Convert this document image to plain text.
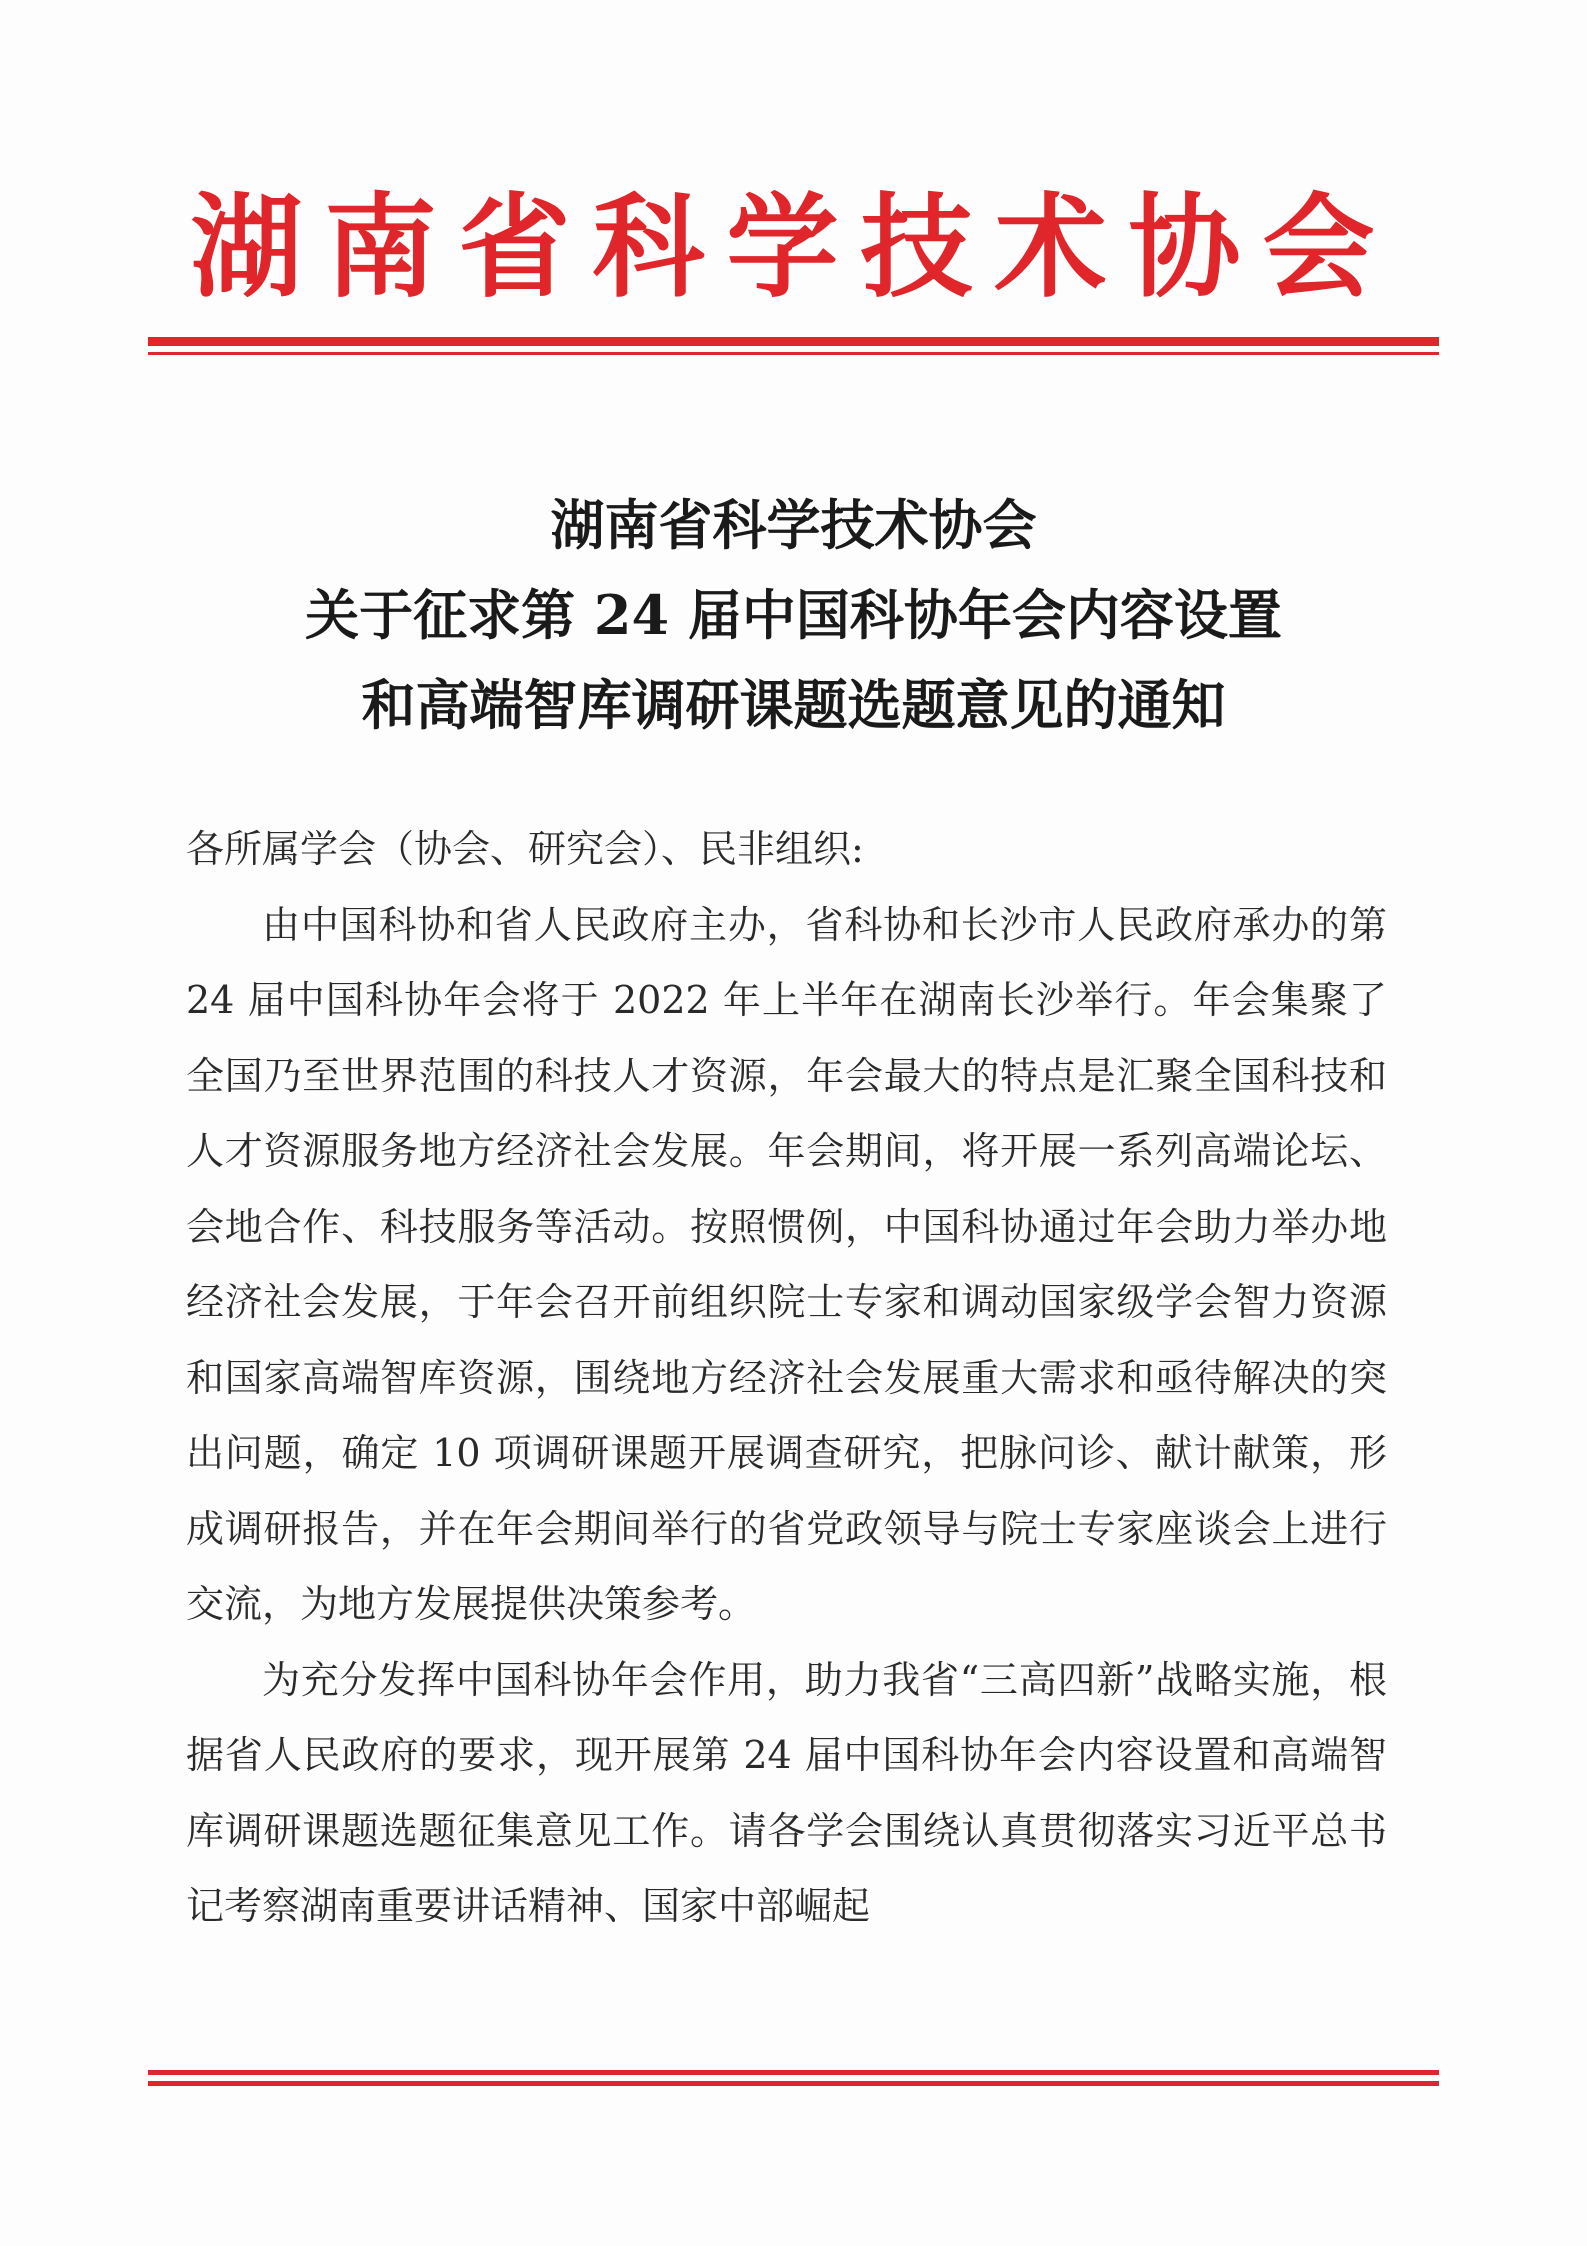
湖南省科学技术协会
湖南省科学技术协会
关于征求第 24 届中国科协年会内容设置
和高端智库调研课题选题意见的通知

各所属学会（协会、研究会）、民非组织:

由中国科协和省人民政府主办，省科协和长沙市人民政府承办的第 24 届中国科协年会将于 2022 年上半年在湖南长沙举行。年会集聚了全国乃至世界范围的科技人才资源，年会最大的特点是汇聚全国科技和人才资源服务地方经济社会发展。年会期间，将开展一系列高端论坛、会地合作、科技服务等活动。按照惯例，中国科协通过年会助力举办地经济社会发展，于年会召开前组织院士专家和调动国家级学会智力资源和国家高端智库资源，围绕地方经济社会发展重大需求和亟待解决的突出问题，确定 10 项调研课题开展调查研究，把脉问诊、献计献策，形成调研报告，并在年会期间举行的省党政领导与院士专家座谈会上进行交流，为地方发展提供决策参考。

为充分发挥中国科协年会作用，助力我省“三高四新”战略实施，根据省人民政府的要求，现开展第 24 届中国科协年会内容设置和高端智库调研课题选题征集意见工作。请各学会围绕认真贯彻落实习近平总书记考察湖南重要讲话精神、国家中部崛起
